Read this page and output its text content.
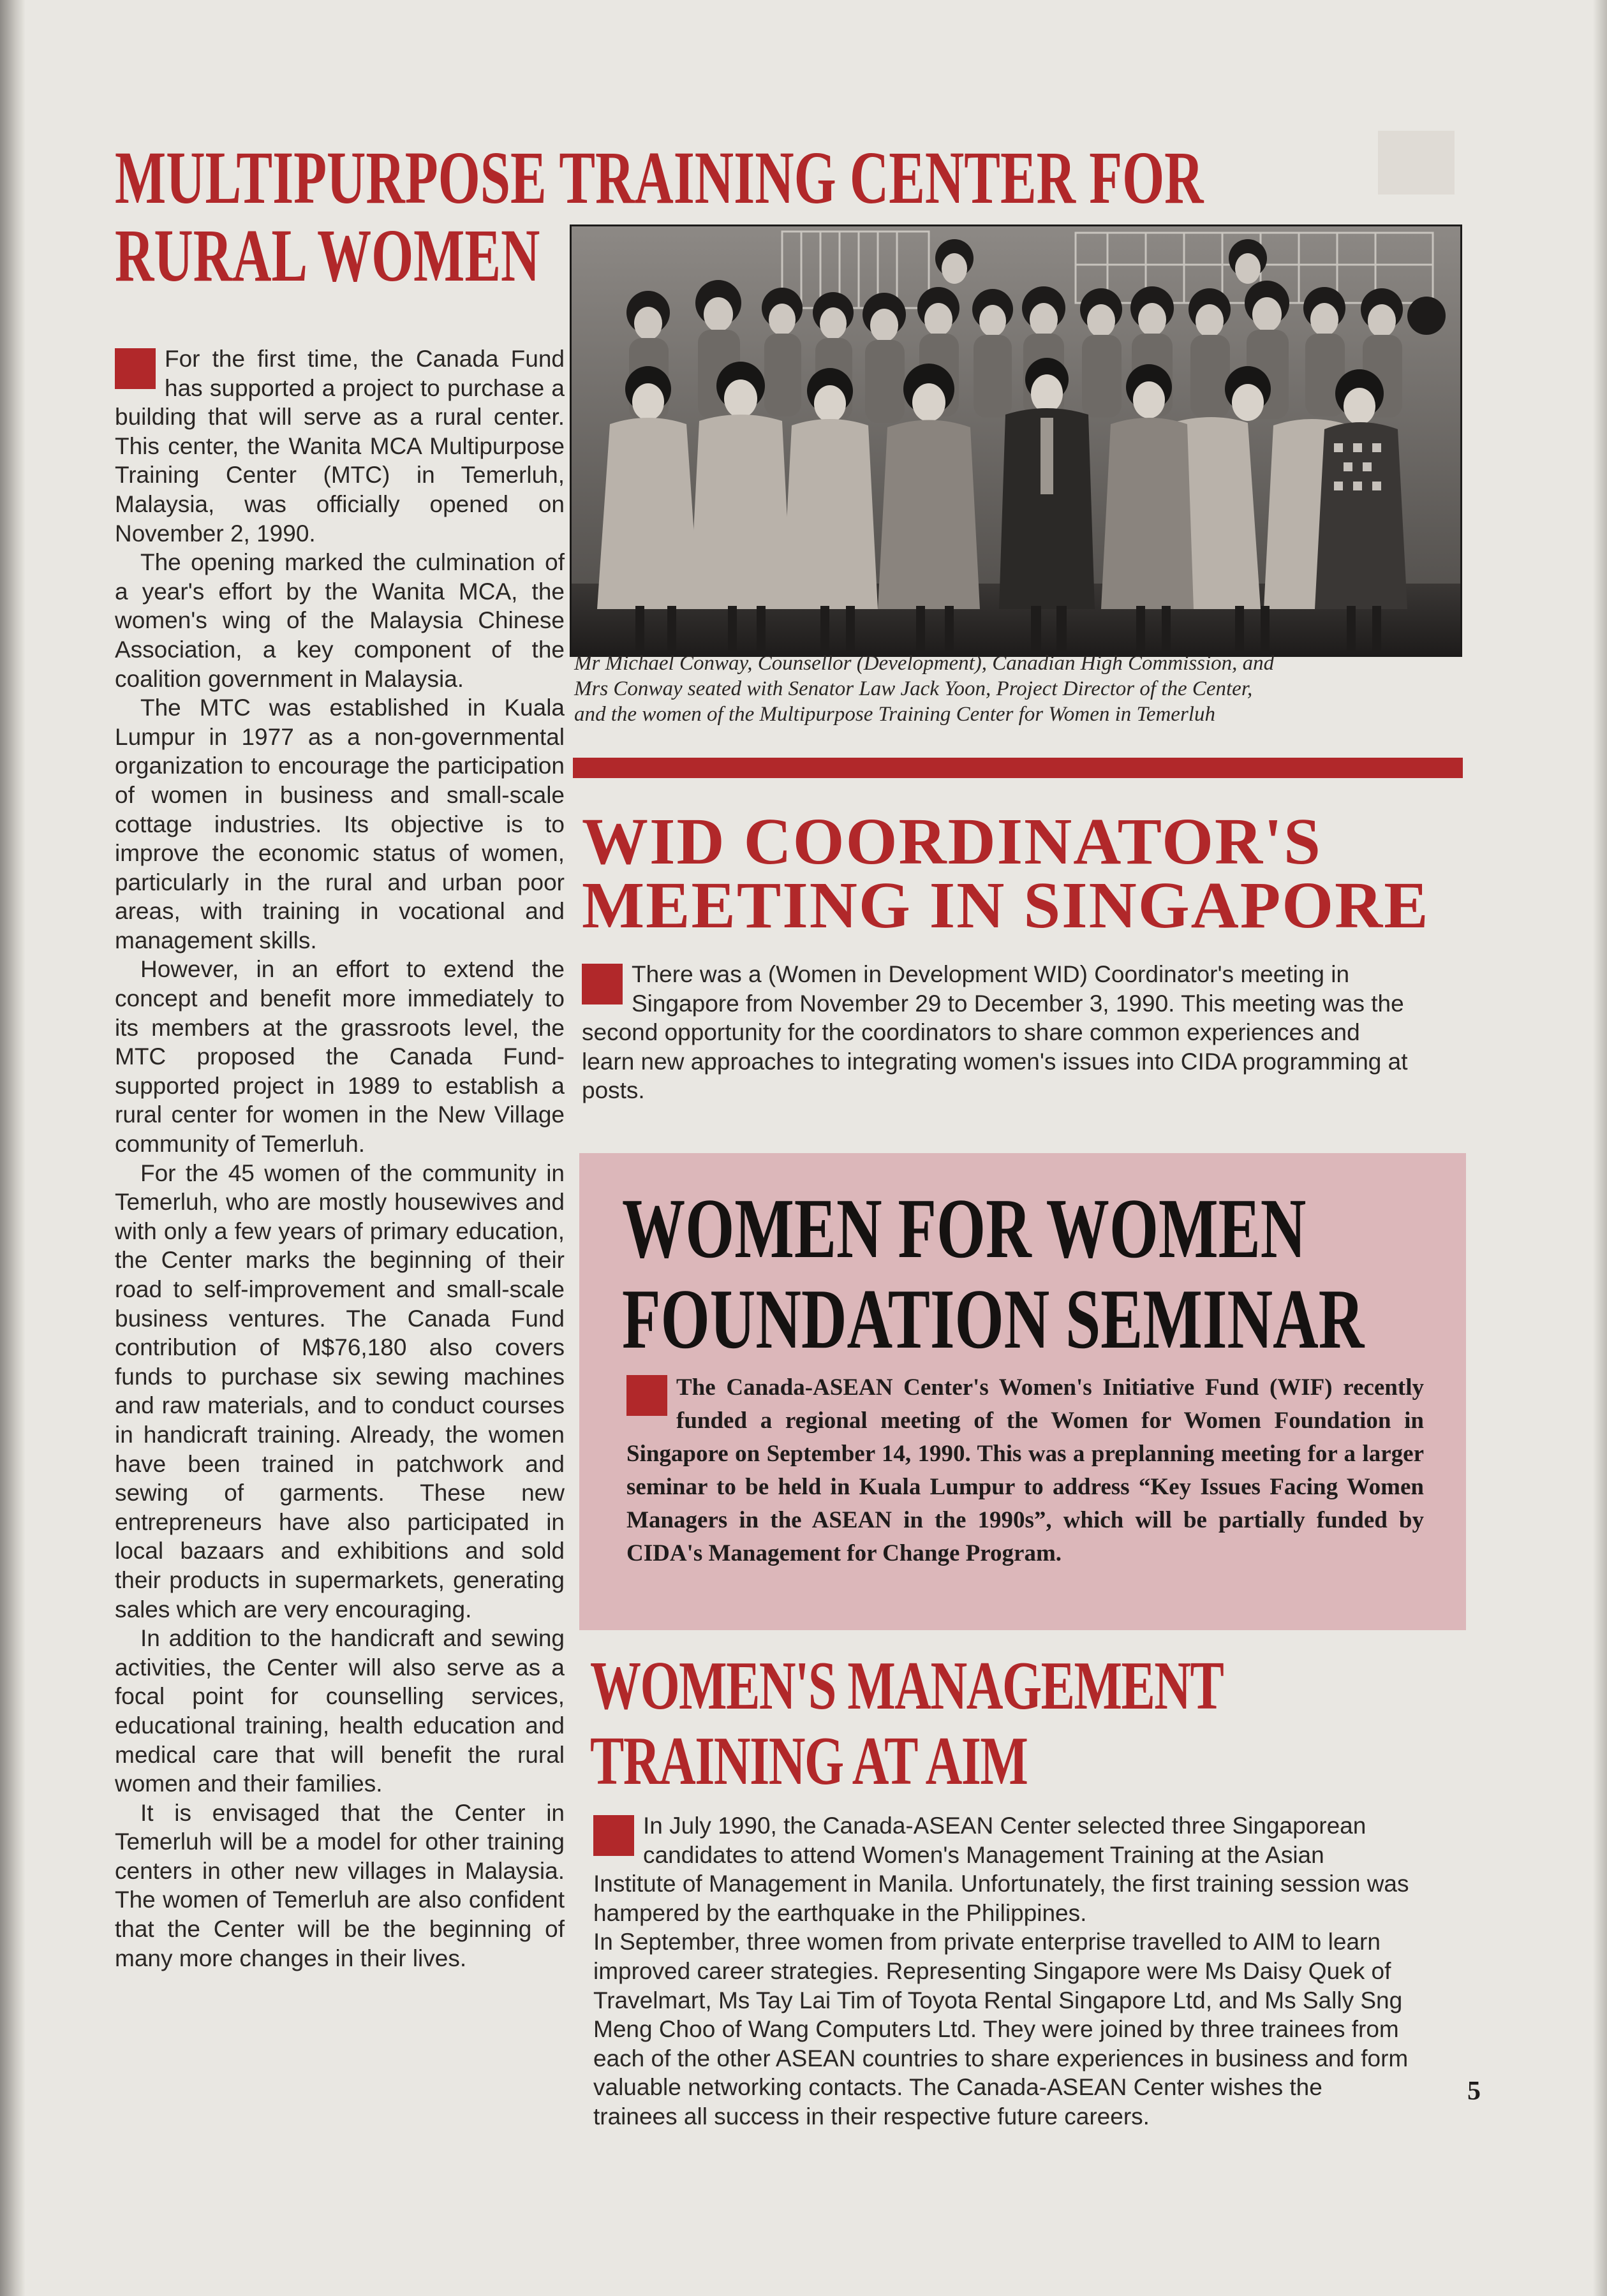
MULTIPURPOSE TRAINING CENTER FOR
RURAL WOMEN

For the first time, the Canada Fund has supported a project to purchase a building that will serve as a rural center. This center, the Wanita MCA Multipurpose Training Center (MTC) in Temerluh, Malaysia, was officially opened on November 2, 1990.

The opening marked the culmination of a year's effort by the Wanita MCA, the women's wing of the Malaysia Chinese Association, a key component of the coalition government in Malaysia.

The MTC was established in Kuala Lumpur in 1977 as a non-governmental organization to encourage the participation of women in business and small-scale cottage industries. Its objective is to improve the economic status of women, particularly in the rural and urban poor areas, with training in vocational and management skills.

However, in an effort to extend the concept and benefit more immediately to its members at the grassroots level, the MTC proposed the Canada Fund-supported project in 1989 to establish a rural center for women in the New Village community of Temerluh.

For the 45 women of the community in Temerluh, who are mostly housewives and with only a few years of primary education, the Center marks the beginning of their road to self-improvement and small-scale business ventures. The Canada Fund contribution of M$76,180 also covers funds to purchase six sewing machines and raw materials, and to conduct courses in handicraft training. Already, the women have been trained in patchwork and sewing of garments. These new entrepreneurs have also participated in local bazaars and exhibitions and sold their products in supermarkets, generating sales which are very encouraging.

In addition to the handicraft and sewing activities, the Center will also serve as a focal point for counselling services, educational training, health education and medical care that will benefit the rural women and their families.

It is envisaged that the Center in Temerluh will be a model for other training centers in other new villages in Malaysia. The women of Temerluh are also confident that the Center will be the beginning of many more changes in their lives.

Mr Michael Conway, Counsellor (Development), Canadian High Commission, and
Mrs Conway seated with Senator Law Jack Yoon, Project Director of the Center,
and the women of the Multipurpose Training Center for Women in Temerluh
WID COORDINATOR'S
MEETING IN SINGAPORE

There was a (Women in Development WID) Coordinator's meeting in Singapore from November 29 to December 3, 1990. This meeting was the second opportunity for the coordinators to share common experiences and learn new approaches to integrating women's issues into CIDA programming at posts.

WOMEN FOR WOMEN
FOUNDATION SEMINAR

The Canada-ASEAN Center's Women's Initiative Fund (WIF) recently funded a regional meeting of the Women for Women Foundation in Singapore on September 14, 1990. This was a preplanning meeting for a larger seminar to be held in Kuala Lumpur to address “Key Issues Facing Women Managers in the ASEAN in the 1990s”, which will be partially funded by CIDA's Management for Change Program.

WOMEN'S MANAGEMENT
TRAINING AT AIM

In July 1990, the Canada-ASEAN Center selected three Singaporean candidates to attend Women's Management Training at the Asian Institute of Management in Manila. Unfortunately, the first training session was hampered by the earthquake in the Philippines.

In September, three women from private enterprise travelled to AIM to learn improved career strategies. Representing Singapore were Ms Daisy Quek of Travelmart, Ms Tay Lai Tim of Toyota Rental Singapore Ltd, and Ms Sally Sng Meng Choo of Wang Computers Ltd. They were joined by three trainees from each of the other ASEAN countries to share experiences in business and form valuable networking contacts. The Canada-ASEAN Center wishes the trainees all success in their respective future careers.

5
